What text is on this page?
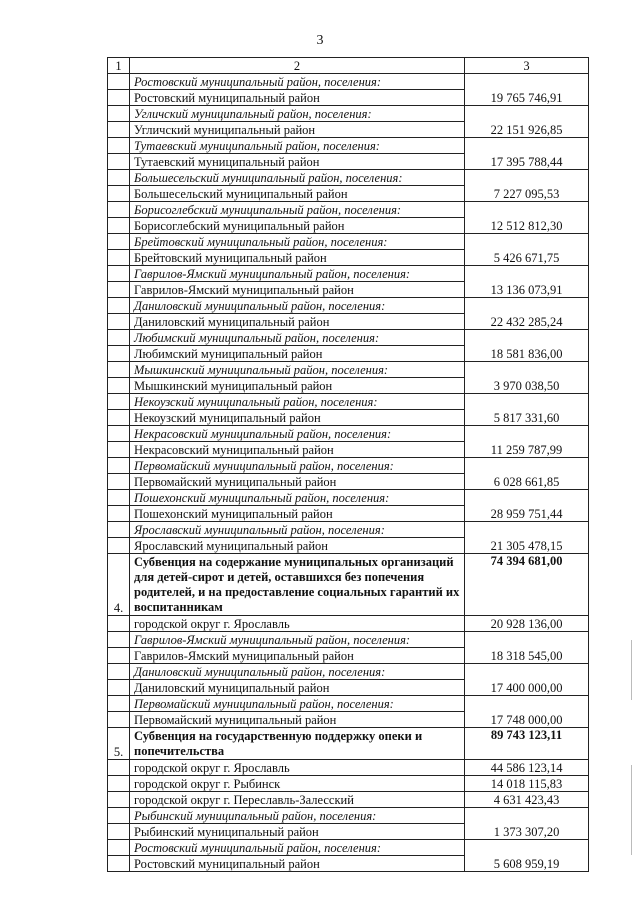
3
1	2	3
	Ростовский муниципальный район, поселения:	
	Ростовский муниципальный район	19 765 746,91
	Угличский муниципальный район, поселения:	
	Угличский муниципальный район	22 151 926,85
	Тутаевский муниципальный район, поселения:	
	Тутаевский муниципальный район	17 395 788,44
	Большесельский муниципальный район, поселения:	
	Большесельский муниципальный район	7 227 095,53
	Борисоглебский муниципальный район, поселения:	
	Борисоглебский муниципальный район	12 512 812,30
	Брейтовский муниципальный район, поселения:	
	Брейтовский муниципальный район	5 426 671,75
	Гаврилов-Ямский муниципальный район, поселения:	
	Гаврилов-Ямский муниципальный район	13 136 073,91
	Даниловский муниципальный район, поселения:	
	Даниловский муниципальный район	22 432 285,24
	Любимский муниципальный район, поселения:	
	Любимский муниципальный район	18 581 836,00
	Мышкинский муниципальный район, поселения:	
	Мышкинский муниципальный район	3 970 038,50
	Некоузский муниципальный район, поселения:	
	Некоузский муниципальный район	5 817 331,60
	Некрасовский муниципальный район, поселения:	
	Некрасовский муниципальный район	11 259 787,99
	Первомайский муниципальный район, поселения:	
	Первомайский муниципальный район	6 028 661,85
	Пошехонский муниципальный район, поселения:	
	Пошехонский муниципальный район	28 959 751,44
	Ярославский муниципальный район, поселения:	
	Ярославский муниципальный район	21 305 478,15
4.	Субвенция на содержание муниципальных организаций для детей-сирот и детей, оставшихся без попечения родителей, и на предоставление социальных гарантий их воспитанникам	74 394 681,00
	городской округ г. Ярославль	20 928 136,00
	Гаврилов-Ямский муниципальный район, поселения:	
	Гаврилов-Ямский муниципальный район	18 318 545,00
	Даниловский муниципальный район, поселения:	
	Даниловский муниципальный район	17 400 000,00
	Первомайский муниципальный район, поселения:	
	Первомайский муниципальный район	17 748 000,00
5.	Субвенция на государственную поддержку опеки и попечительства	89 743 123,11
	городской округ г. Ярославль	44 586 123,14
	городской округ г. Рыбинск	14 018 115,83
	городской округ г. Переславль-Залесский	4 631 423,43
	Рыбинский муниципальный район, поселения:	
	Рыбинский муниципальный район	1 373 307,20
	Ростовский муниципальный район, поселения:	
	Ростовский муниципальный район	5 608 959,19
